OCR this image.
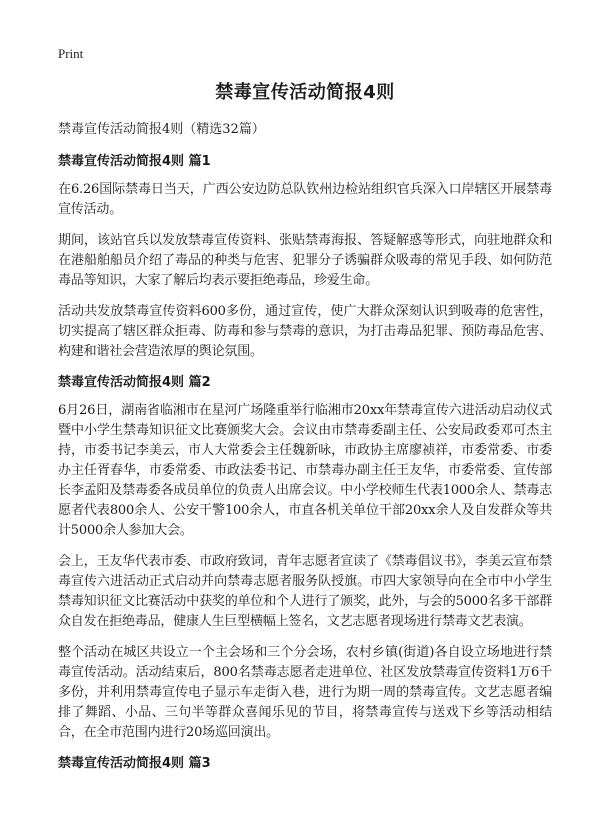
Print
禁毒宣传活动简报4则

禁毒宣传活动简报4则（精选32篇）

禁毒宣传活动简报4则 篇1

在6.26国际禁毒日当天，广西公安边防总队钦州边检站组织官兵深入口岸辖区开展禁毒宣传活动。

期间，该站官兵以发放禁毒宣传资料、张贴禁毒海报、答疑解惑等形式，向驻地群众和在港船舶船员介绍了毒品的种类与危害、犯罪分子诱骗群众吸毒的常见手段、如何防范毒品等知识，大家了解后均表示要拒绝毒品，珍爱生命。

活动共发放禁毒宣传资料600多份，通过宣传，使广大群众深刻认识到吸毒的危害性，切实提高了辖区群众拒毒、防毒和参与禁毒的意识，为打击毒品犯罪、预防毒品危害、构建和谐社会营造浓厚的舆论氛围。

禁毒宣传活动简报4则 篇2

6月26日，湖南省临湘市在星河广场隆重举行临湘市20xx年禁毒宣传六进活动启动仪式暨中小学生禁毒知识征文比赛颁奖大会。会议由市禁毒委副主任、公安局政委邓可杰主持，市委书记李美云，市人大常委会主任魏新咏，市政协主席廖祯祥，市委常委、市委办主任胥春华，市委常委、市政法委书记、市禁毒办副主任王友华，市委常委、宣传部长李孟阳及禁毒委各成员单位的负责人出席会议。中小学校师生代表1000余人、禁毒志愿者代表800余人、公安干警100余人，市直各机关单位干部20xx余人及自发群众等共计5000余人参加大会。

会上，王友华代表市委、市政府致词，青年志愿者宣读了《禁毒倡议书》，李美云宣布禁毒宣传六进活动正式启动并向禁毒志愿者服务队授旗。市四大家领导向在全市中小学生禁毒知识征文比赛活动中获奖的单位和个人进行了颁奖，此外，与会的5000名多干部群众自发在拒绝毒品，健康人生巨型横幅上签名，文艺志愿者现场进行禁毒文艺表演。

整个活动在城区共设立一个主会场和三个分会场，农村乡镇(街道)各自设立场地进行禁毒宣传活动。活动结束后，800名禁毒志愿者走进单位、社区发放禁毒宣传资料1万6千多份，并利用禁毒宣传电子显示车走街入巷，进行为期一周的禁毒宣传。文艺志愿者编排了舞蹈、小品、三句半等群众喜闻乐见的节目，将禁毒宣传与送戏下乡等活动相结合，在全市范围内进行20场巡回演出。

禁毒宣传活动简报4则 篇3
